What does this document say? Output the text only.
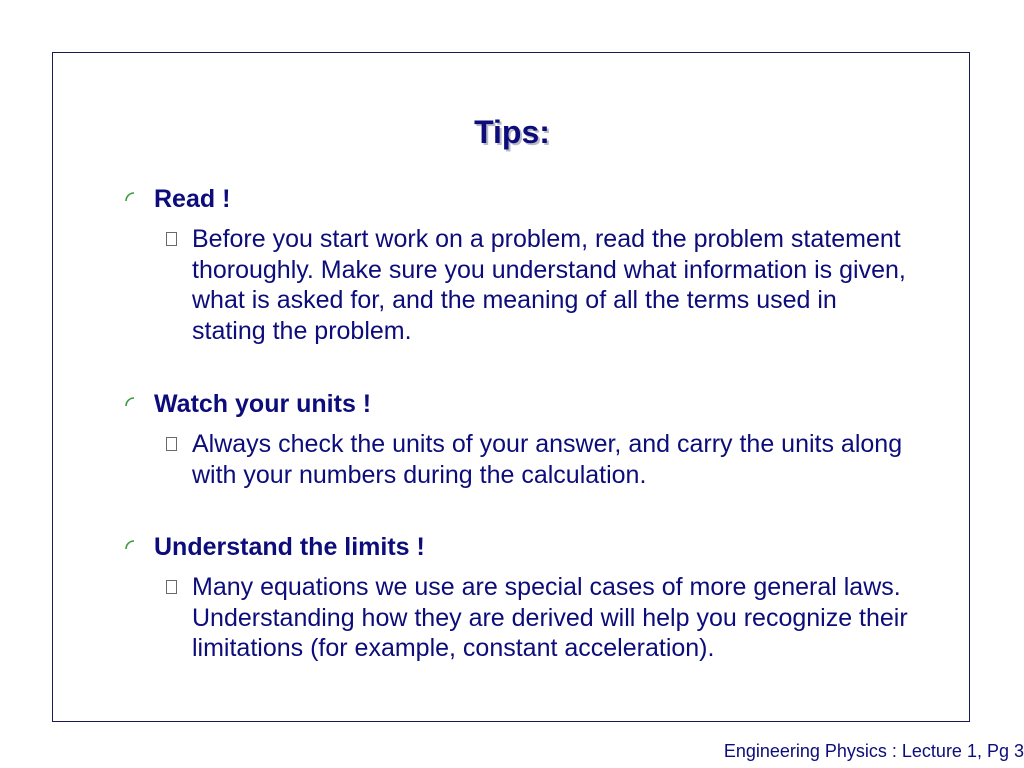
Tips:
Read !
Before you start work on a problem, read the problem statement thoroughly. Make sure you understand what information is given, what is asked for, and the meaning of all the terms used in stating the problem.
Watch your units !
Always check the units of your answer, and carry the units along with your numbers during the calculation.
Understand the limits !
Many equations we use are special cases of more general laws. Understanding how they are derived will help you recognize their limitations (for example, constant acceleration).
Engineering Physics : Lecture 1, Pg 3
